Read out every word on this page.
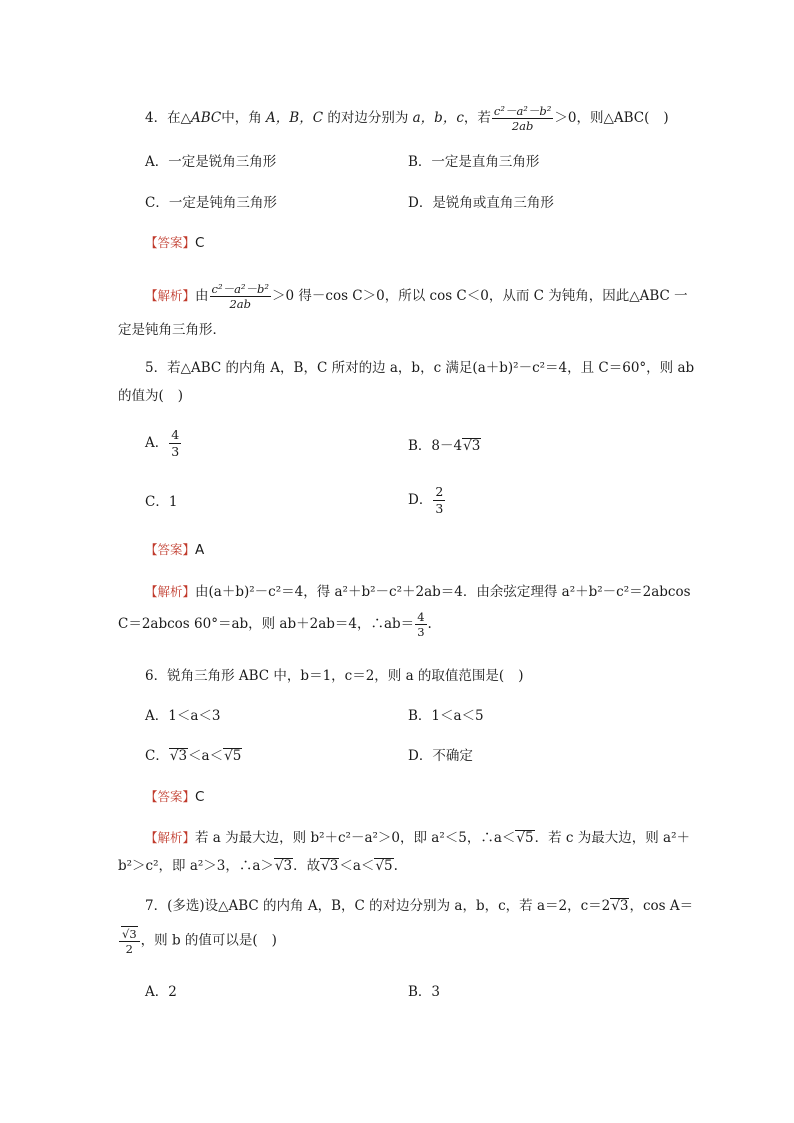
4．在△ABC中，角 A，B，C 的对边分别为 a，b，c，若 $\frac{\text{c²－a²－b²}}{2ab} >0$，则△ABC( )
A．一定是锐角三角形	B．一定是直角三角形
C．一定是钝角三角形	D．是锐角或直角三角形
【答案】C
【解析】由 $\frac{\text{c²－a²－b²}}{2ab} >0$ 得－cos C＞0，所以 cos C＜0，从而 C 为钝角，因此△ABC 一
定是钝角三角形．
5．若△ABC 的内角 A，B，C 所对的边 a，b，c 满足(a＋b)²－c²＝4，且 C＝60°，则 ab
的值为( )
A． $\frac{4}{3}$	B．8－4√3
C．1	D． $\frac{2}{3}$
【答案】A
【解析】由(a＋b)²－c²＝4，得 a²＋b²－c²＋2ab＝4．由余弦定理得 a²＋b²－c²＝2abcos
C＝2abcos 60°＝ab，则 ab＋2ab＝4，∴ab＝ $\frac{4}{3}$ .
6．锐角三角形 ABC 中，b＝1，c＝2，则 a 的取值范围是( )
A．1＜a＜3	B．1＜a＜5
C．√3＜a＜√5	D．不确定
【答案】C
【解析】若 a 为最大边，则 b²＋c²－a²＞0，即 a²＜5，∴a＜√5．若 c 为最大边，则 a²＋
b²＞c²，即 a²＞3，∴a＞√3．故√3＜a＜√5.
7．(多选)设△ABC 的内角 A，B，C 的对边分别为 a，b，c，若 a＝2，c＝2√3，cos A＝
$\frac{√3}{2}$ ，则 b 的值可以是( )
A．2	B．3
